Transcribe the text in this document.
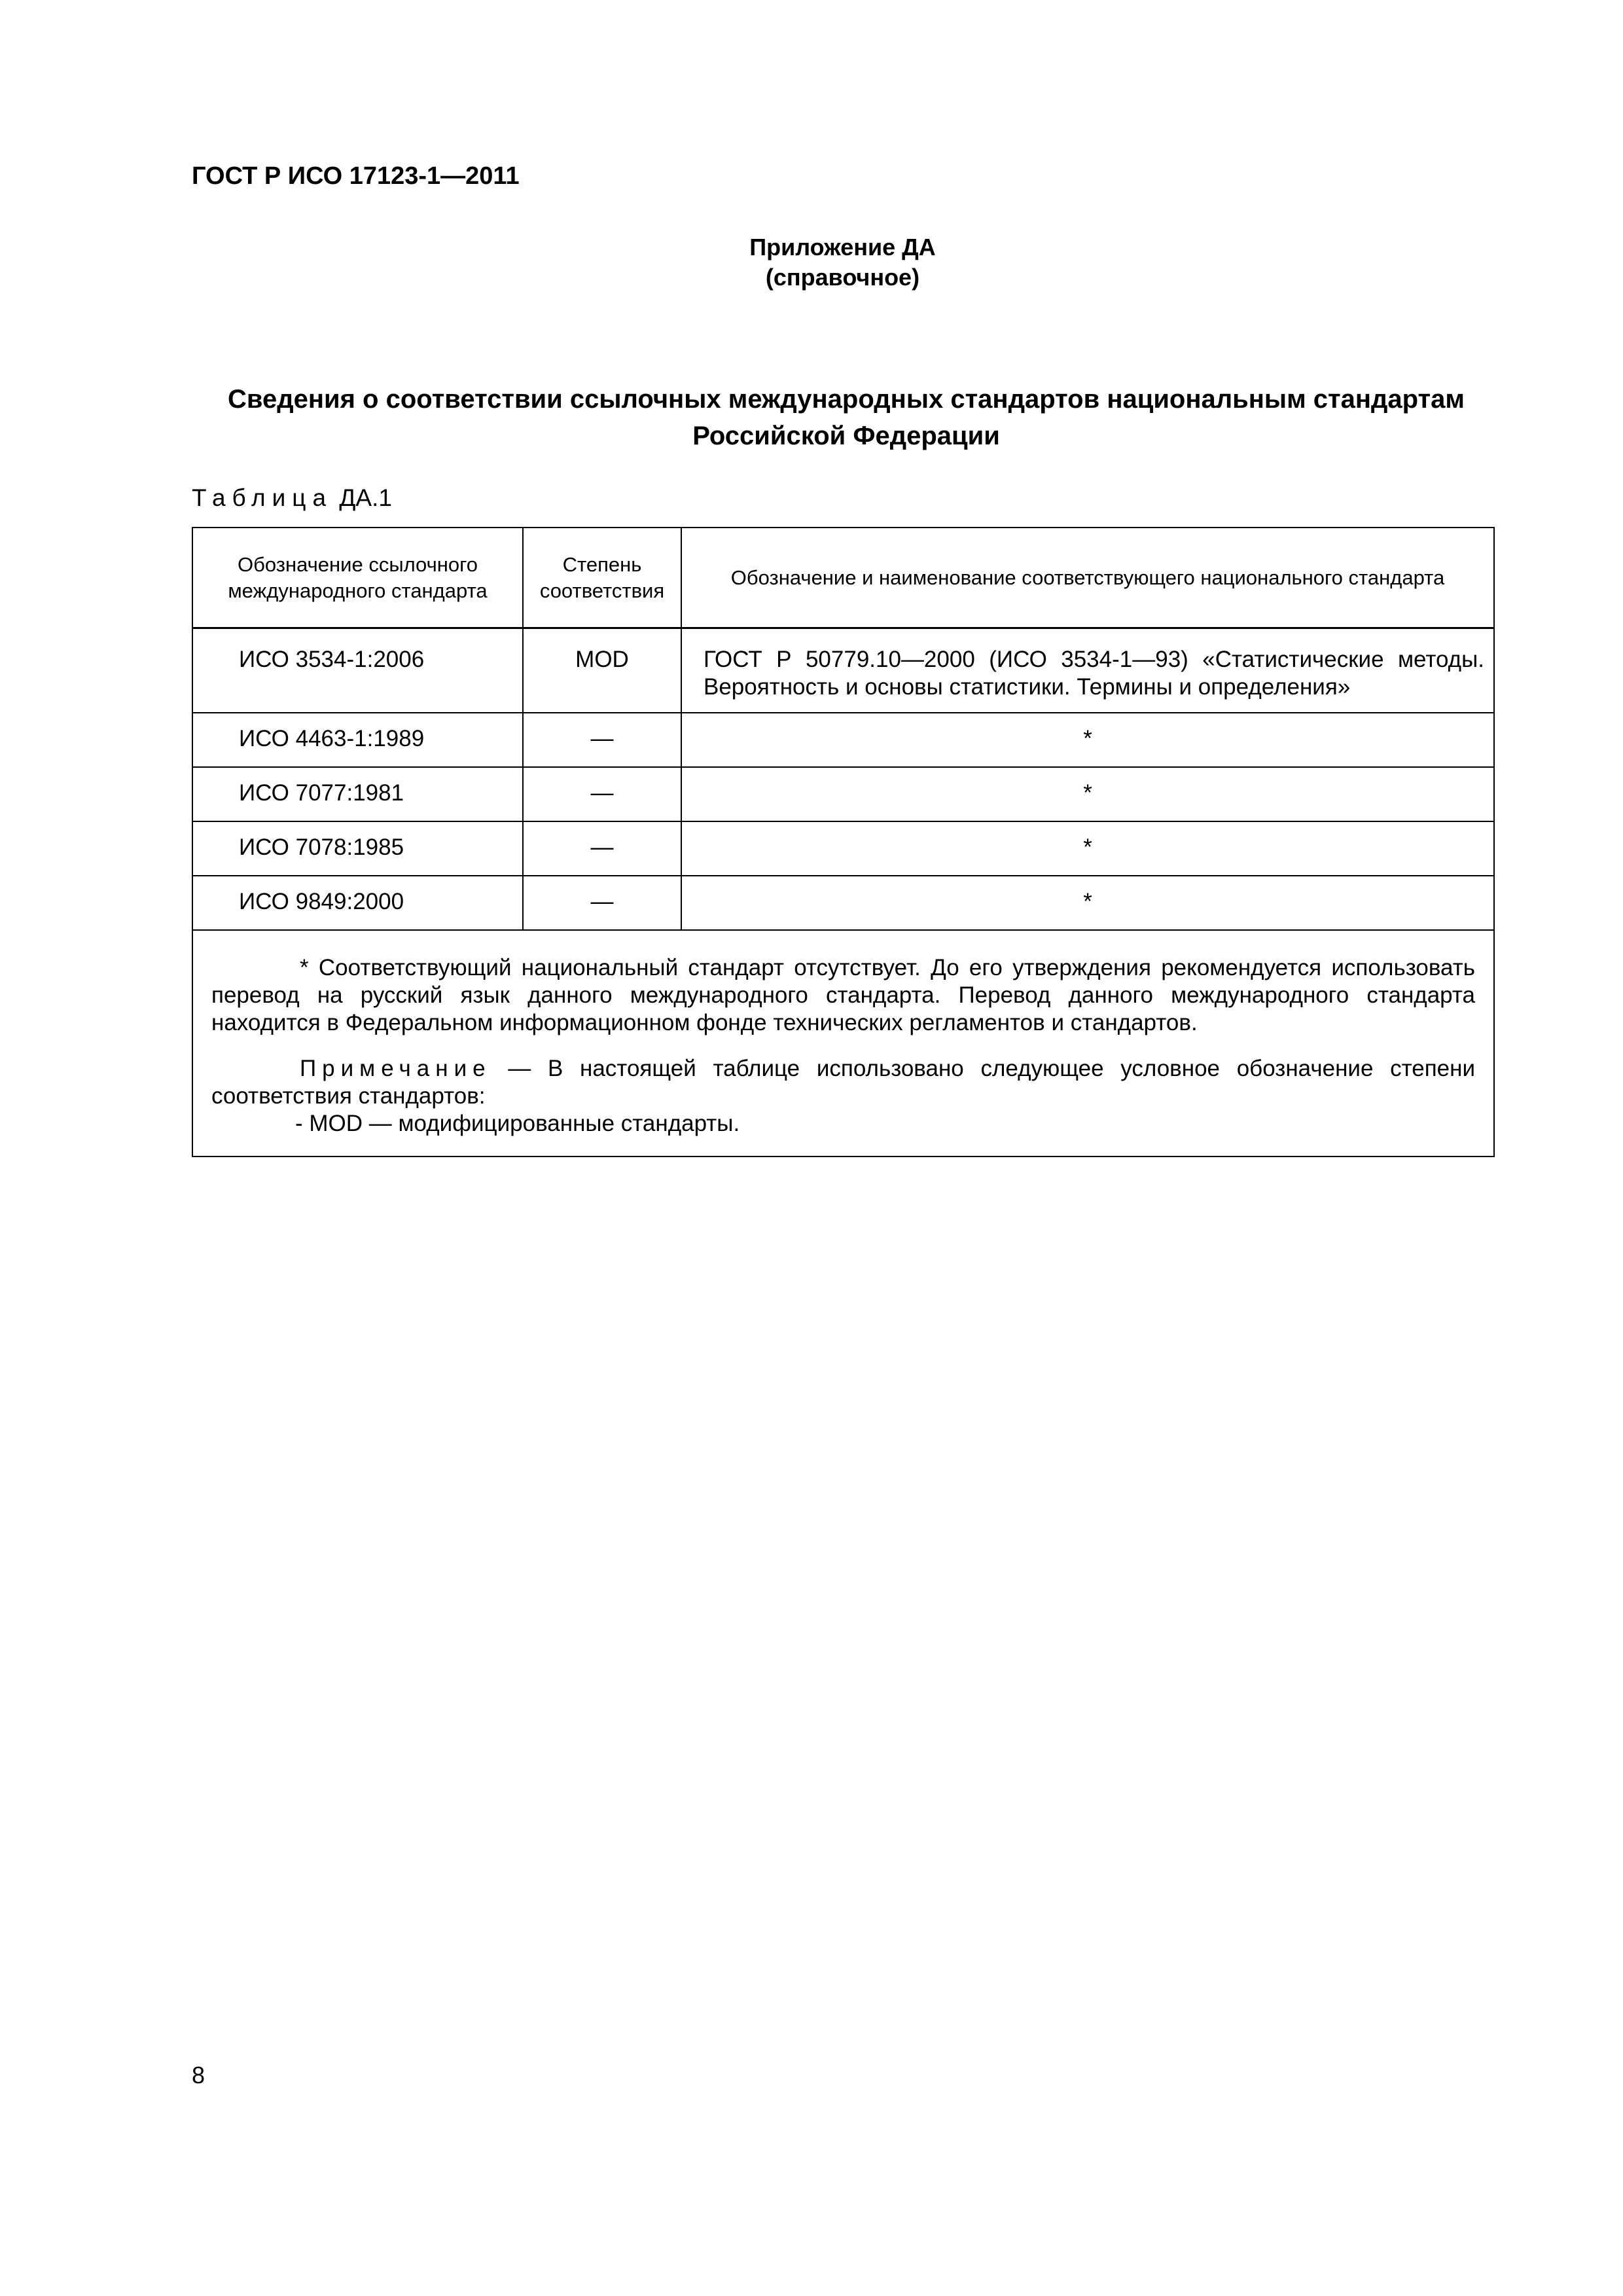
ГОСТ Р ИСО 17123-1—2011
Приложение ДА
(справочное)
Сведения о соответствии ссылочных международных стандартов национальным стандартам
Российской Федерации
Таблица ДА.1
Обозначение ссылочного международного стандарта	Степень соответствия	Обозначение и наименование соответствующего национального стандарта

ИСО 3534-1:2006	MOD	ГОСТ Р 50779.10—2000 (ИСО 3534-1—93) «Статистические методы. Вероятность и основы статистики. Термины и определения»
ИСО 4463-1:1989	—	*
ИСО 7077:1981	—	*
ИСО 7078:1985	—	*
ИСО 9849:2000	—	*

* Соответствующий национальный стандарт отсутствует. До его утверждения рекомендуется использовать перевод на русский язык данного международного стандарта. Перевод данного международного стандарта находится в Федеральном информационном фонде технических регламентов и стандартов.

Примечание — В настоящей таблице использовано следующее условное обозначение степени соответствия стандартов:

- MOD — модифицированные стандарты.		

8
